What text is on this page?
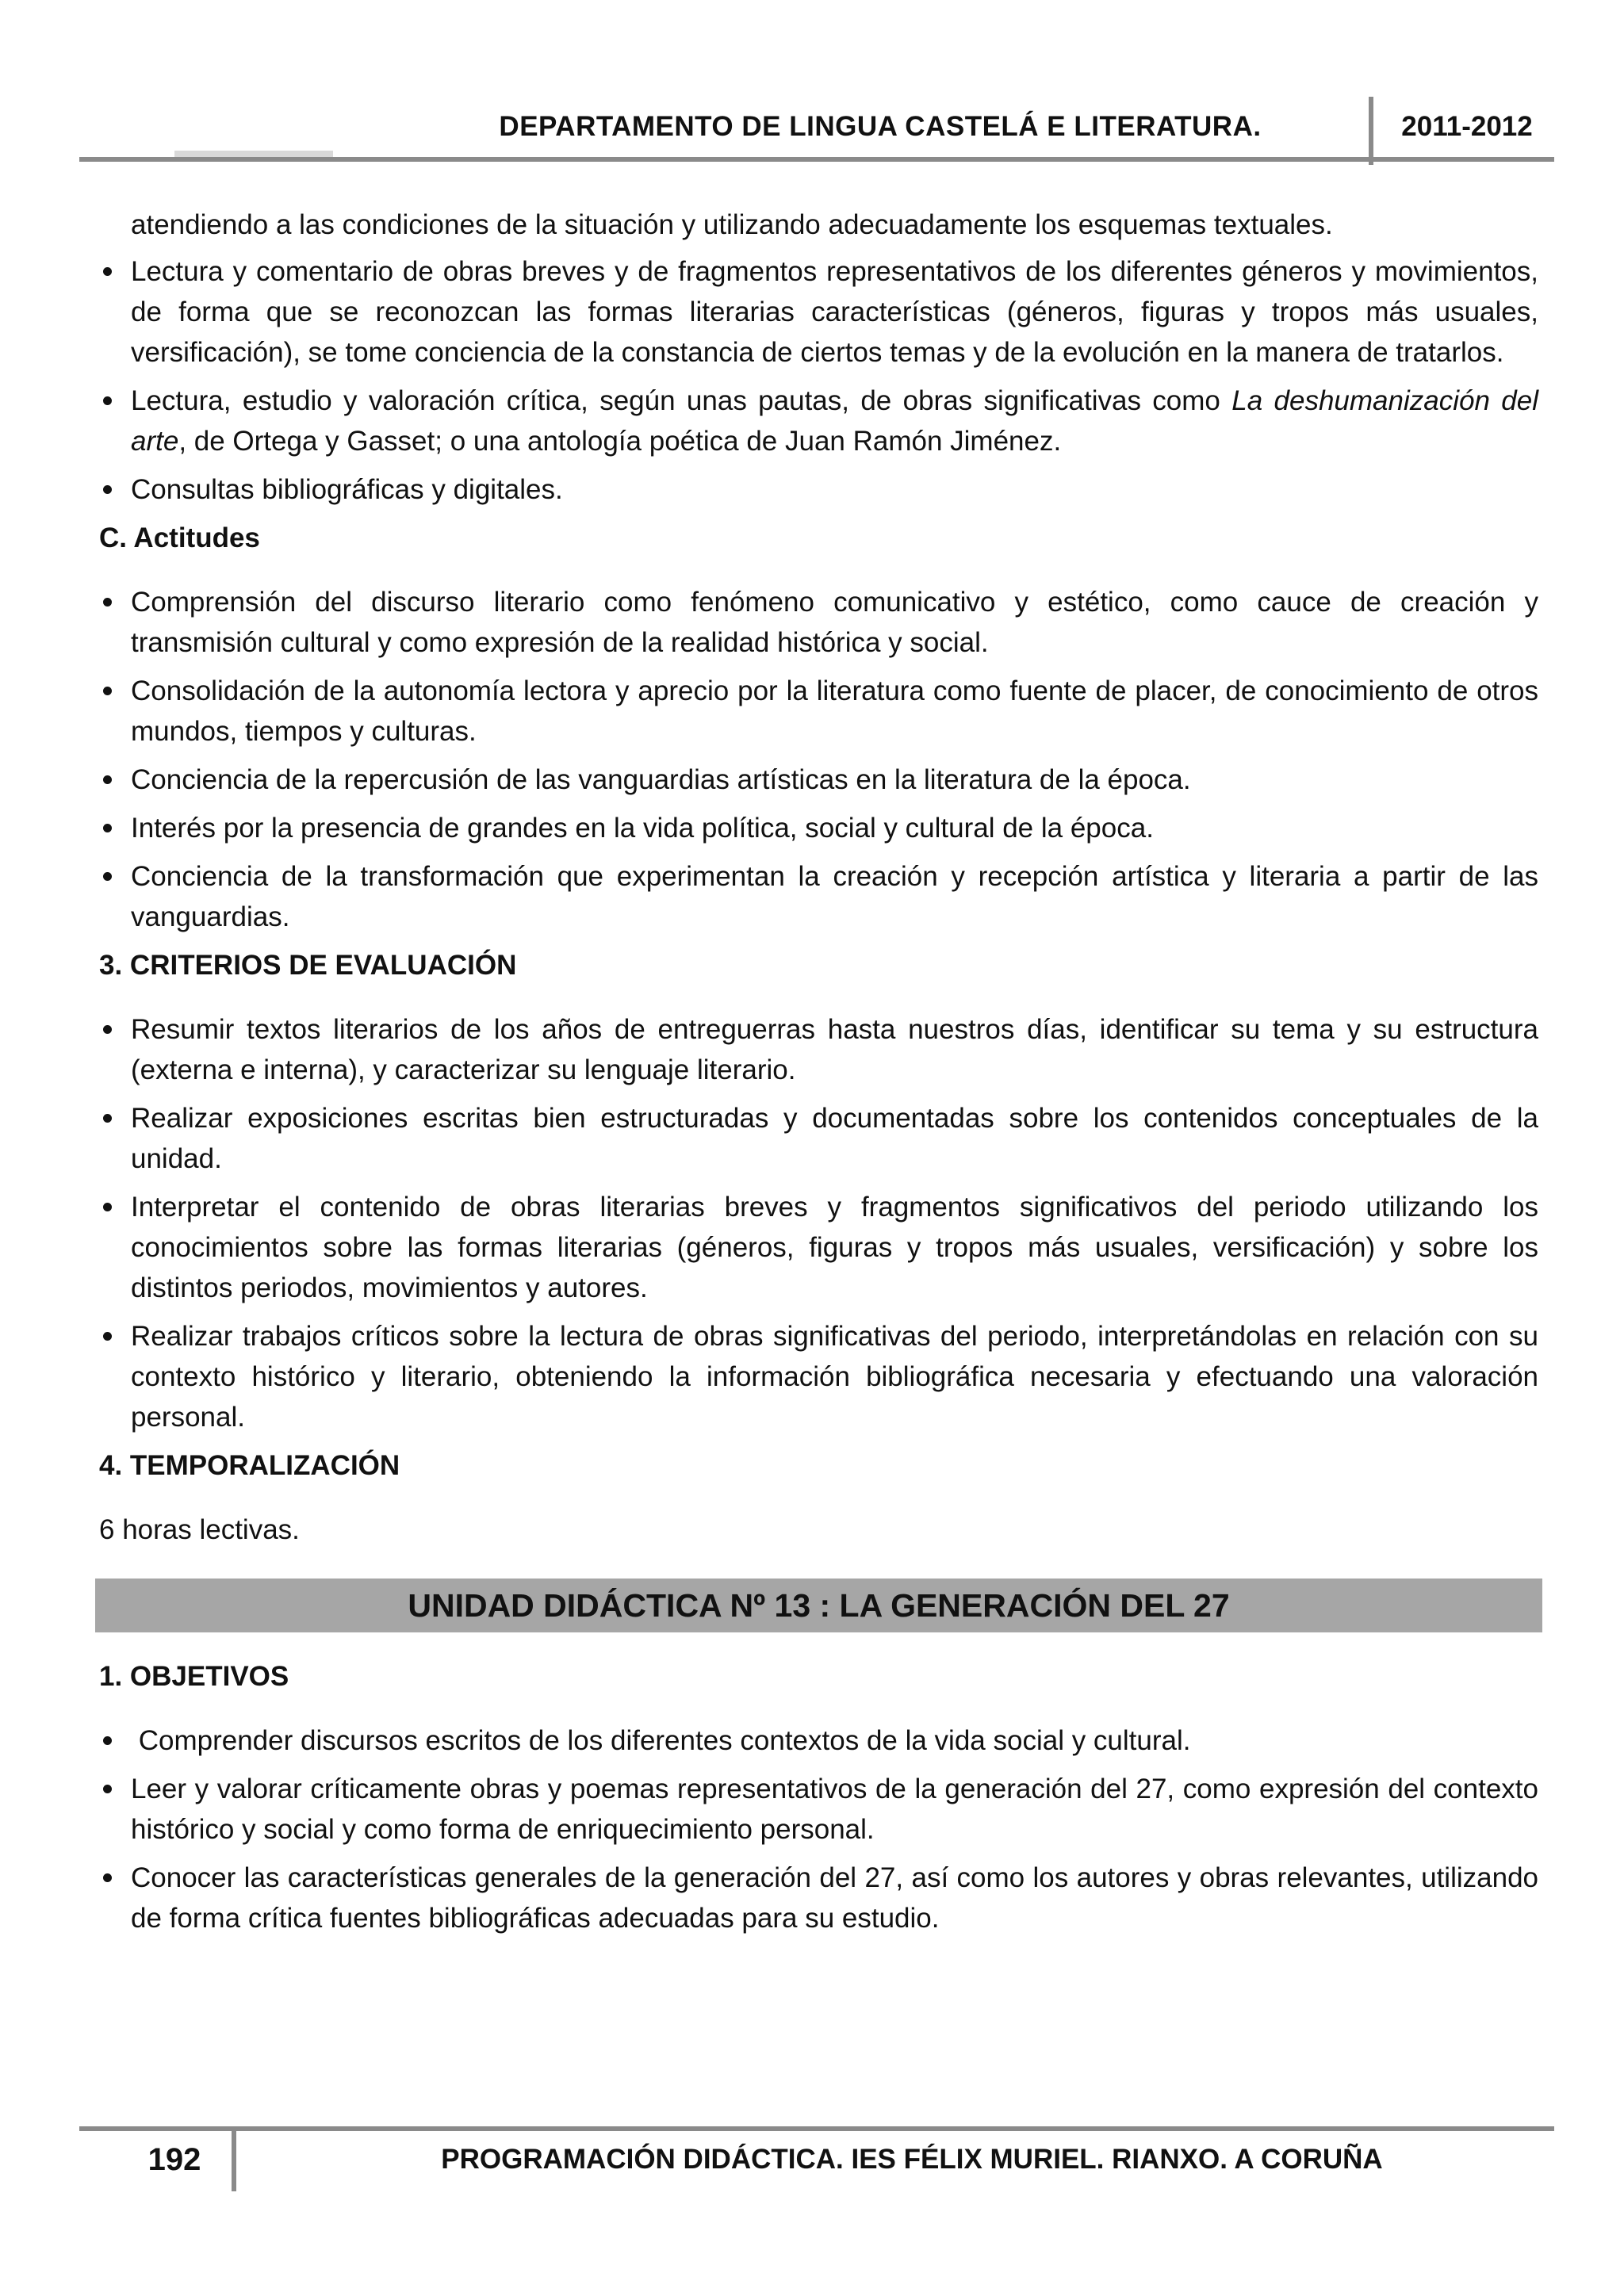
DEPARTAMENTO DE LINGUA CASTELÁ E LITERATURA.	2011-2012

atendiendo a las condiciones de la situación y utilizando adecuadamente los esquemas textuales.

Lectura y comentario de obras breves y de fragmentos representativos de los diferentes géneros y movimientos, de forma que se reconozcan las formas literarias características (géneros, figuras y tropos más usuales, versificación), se tome conciencia de la constancia de ciertos temas y de la evolución en la manera de tratarlos.
Lectura, estudio y valoración crítica, según unas pautas, de obras significativas como La deshumanización del arte, de Ortega y Gasset; o una antología poética de Juan Ramón Jiménez.
Consultas bibliográficas y digitales.

C. Actitudes

Comprensión del discurso literario como fenómeno comunicativo y estético, como cauce de creación y transmisión cultural y como expresión de la realidad histórica y social.
Consolidación de la autonomía lectora y aprecio por la literatura como fuente de placer, de conocimiento de otros mundos, tiempos y culturas.
Conciencia de la repercusión de las vanguardias artísticas en la literatura de la época.
Interés por la presencia de grandes en la vida política, social y cultural de la época.
Conciencia de la transformación que experimentan la creación y recepción artística y literaria a partir de las vanguardias.

3. CRITERIOS DE EVALUACIÓN

Resumir textos literarios de los años de entreguerras hasta nuestros días, identificar su tema y su estructura (externa e interna), y caracterizar su lenguaje literario.
Realizar exposiciones escritas bien estructuradas y documentadas sobre los contenidos conceptuales de la unidad.
Interpretar el contenido de obras literarias breves y fragmentos significativos del periodo utilizando los conocimientos sobre las formas literarias (géneros, figuras y tropos más usuales, versificación) y sobre los distintos periodos, movimientos y autores.
Realizar trabajos críticos sobre la lectura de obras significativas del periodo, interpretándolas en relación con su contexto histórico y literario, obteniendo la información bibliográfica necesaria y efectuando una valoración personal.

4. TEMPORALIZACIÓN

6 horas lectivas.

UNIDAD DIDÁCTICA Nº 13 : LA GENERACIÓN DEL 27

1. OBJETIVOS

Comprender discursos escritos de los diferentes contextos de la vida social y cultural.
Leer y valorar críticamente obras y poemas representativos de la generación del 27, como expresión del contexto histórico y social y como forma de enriquecimiento personal.
Conocer las características generales de la generación del 27, así como los autores y obras relevantes, utilizando de forma crítica fuentes bibliográficas adecuadas para su estudio.
192	PROGRAMACIÓN DIDÁCTICA. IES FÉLIX MURIEL. RIANXO. A CORUÑA
